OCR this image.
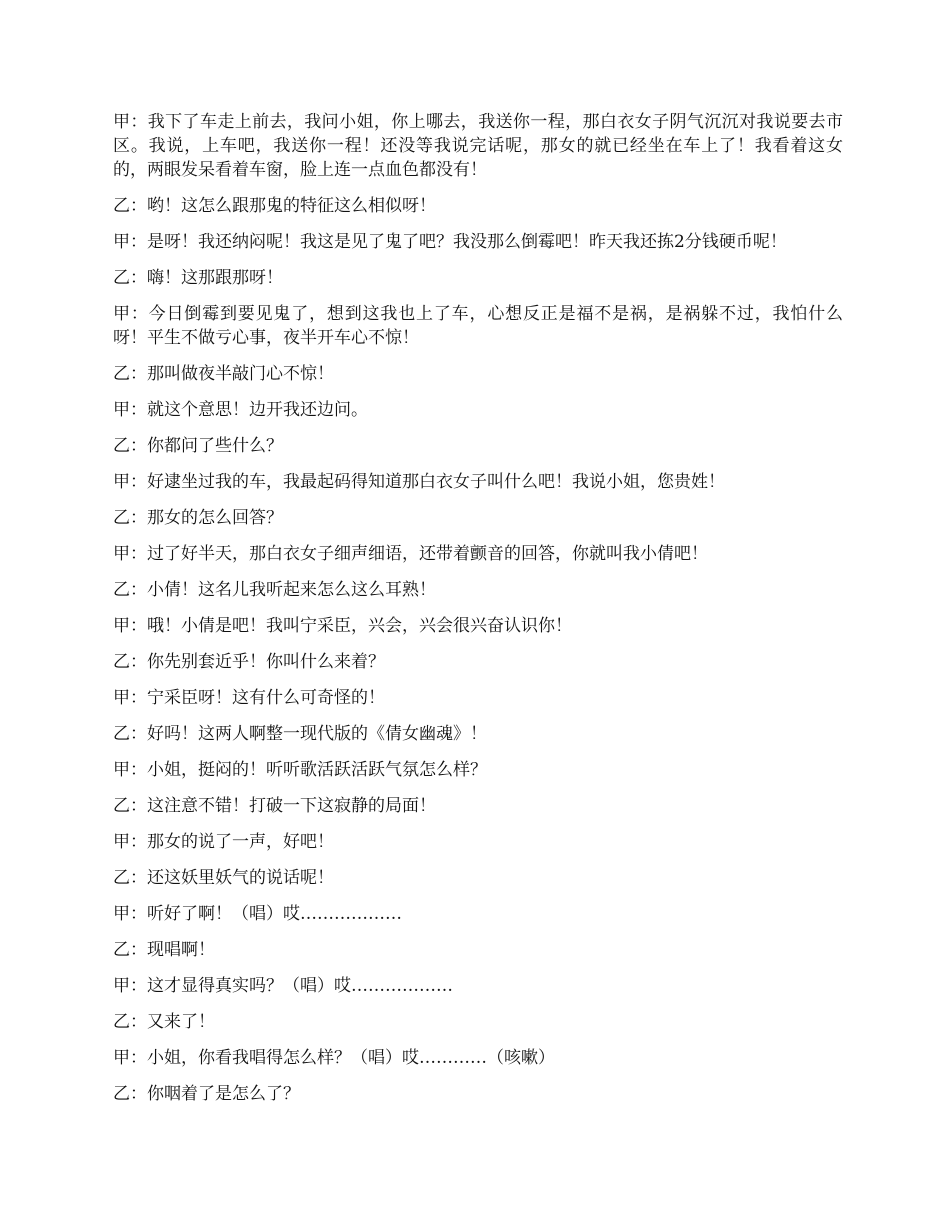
甲：我下了车走上前去，我问小姐，你上哪去，我送你一程，那白衣女子阴气沉沉对我说要去市区。我说，上车吧，我送你一程！还没等我说完话呢，那女的就已经坐在车上了！我看着这女的，两眼发呆看着车窗，脸上连一点血色都没有！

乙：哟！这怎么跟那鬼的特征这么相似呀！

甲：是呀！我还纳闷呢！我这是见了鬼了吧？我没那么倒霉吧！昨天我还拣2分钱硬币呢！

乙：嗨！这那跟那呀！

甲：今日倒霉到要见鬼了，想到这我也上了车，心想反正是福不是祸，是祸躲不过，我怕什么呀！平生不做亏心事，夜半开车心不惊！

乙：那叫做夜半敲门心不惊！

甲：就这个意思！边开我还边问。

乙：你都问了些什么？

甲：好逮坐过我的车，我最起码得知道那白衣女子叫什么吧！我说小姐，您贵姓！

乙：那女的怎么回答？

甲：过了好半天，那白衣女子细声细语，还带着颤音的回答，你就叫我小倩吧！

乙：小倩！这名儿我听起来怎么这么耳熟！

甲：哦！小倩是吧！我叫宁采臣，兴会，兴会很兴奋认识你！

乙：你先别套近乎！你叫什么来着？

甲：宁采臣呀！这有什么可奇怪的！

乙：好吗！这两人啊整一现代版的《倩女幽魂》！

甲：小姐，挺闷的！听听歌活跃活跃气氛怎么样？

乙：这注意不错！打破一下这寂静的局面！

甲：那女的说了一声，好吧！

乙：还这妖里妖气的说话呢！

甲：听好了啊！（唱）哎………………

乙：现唱啊！

甲：这才显得真实吗？（唱）哎………………

乙：又来了！

甲：小姐，你看我唱得怎么样？（唱）哎…………（咳嗽）

乙：你咽着了是怎么了？
